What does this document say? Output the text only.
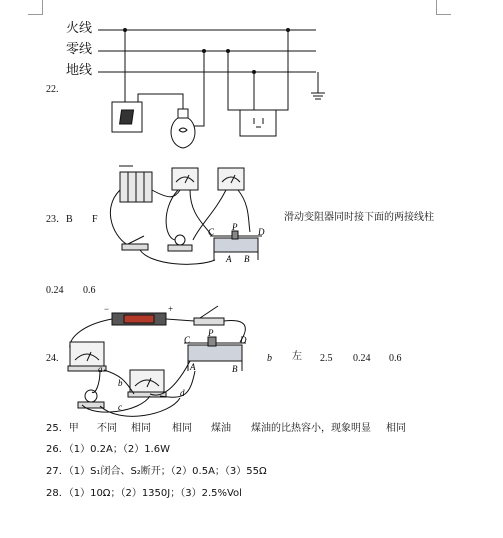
火线
零线
地线
22.
23．B F	滑动变阻器同时接下面的两接线柱
0.24 0.6
C P D
A B
24.	b 左 2.5 0.24 0.6
a
b
c
d
C
P
D
A	B
−	+
25．甲 不同 相同 相同 煤油 煤油的比热容小，现象明显 相同
26．（1）0.2A；（2）1.6W
27．（1）S₁闭合、S₂断开；（2）0.5A；（3）55Ω
28．（1）10Ω；（2）1350J；（3）2.5%Vol
